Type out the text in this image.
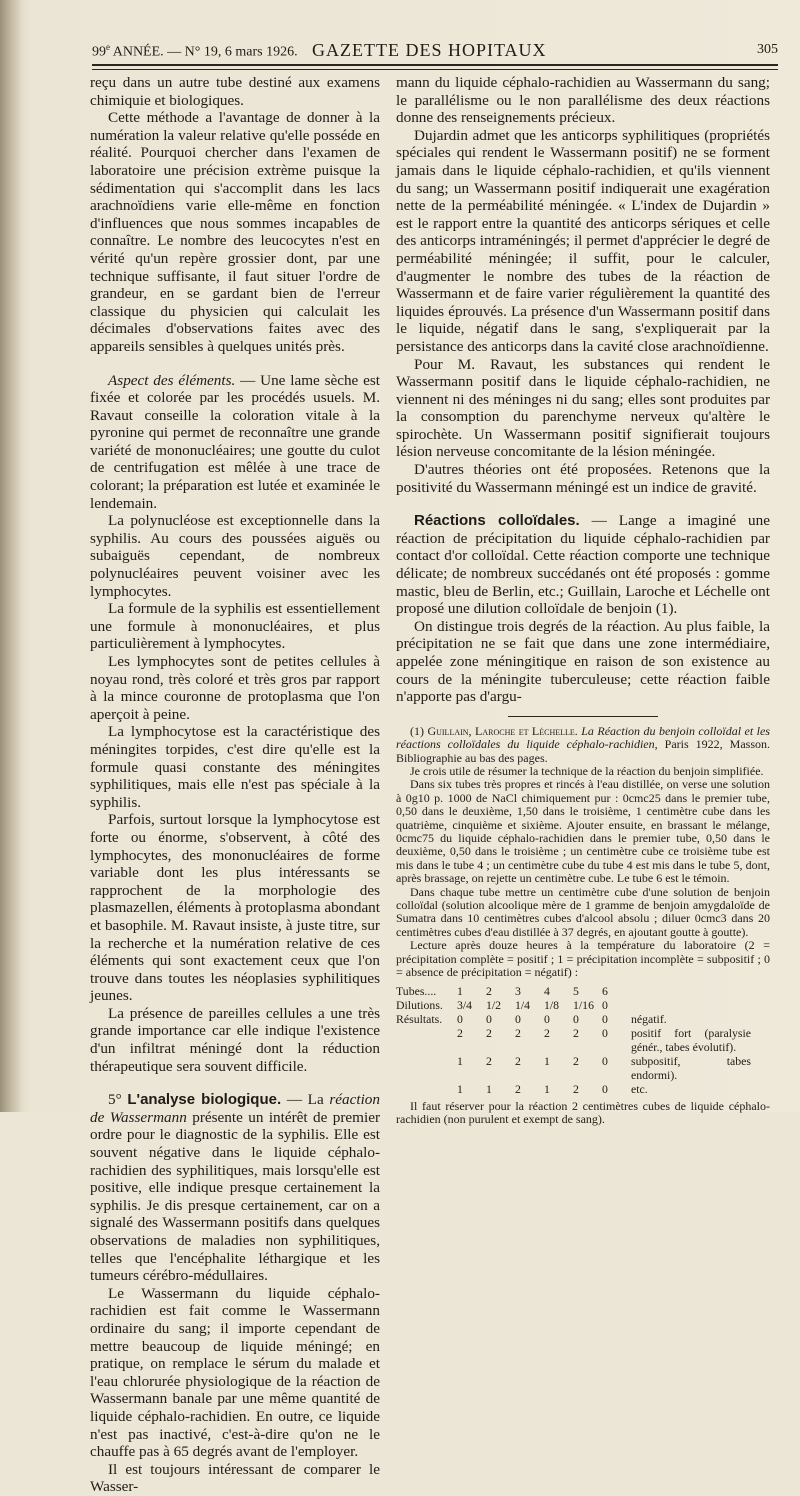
99e ANNÉE. — N° 19, 6 mars 1926. GAZETTE DES HOPITAUX	305

reçu dans un autre tube destiné aux examens chimiquie et biologiques.

Cette méthode a l'avantage de donner à la numération la valeur relative qu'elle posséde en réalité. Pourquoi chercher dans l'examen de laboratoire une précision extrème puisque la sédimentation qui s'accomplit dans les lacs arachnoïdiens varie elle-même en fonction d'influences que nous sommes incapables de connaître. Le nombre des leucocytes n'est en vérité qu'un repère grossier dont, par une technique suffisante, il faut situer l'ordre de grandeur, en se gardant bien de l'erreur classique du physicien qui calculait les décimales d'observations faites avec des appareils sensibles à quelques unités près.

Aspect des éléments. — Une lame sèche est fixée et colorée par les procédés usuels. M. Ravaut conseille la coloration vitale à la pyronine qui permet de reconnaître une grande variété de mononucléaires; une goutte du culot de centrifugation est mêlée à une trace de colorant; la préparation est lutée et examinée le lendemain.

La polynucléose est exceptionnelle dans la syphilis. Au cours des poussées aiguës ou subaiguës cependant, de nombreux polynucléaires peuvent voisiner avec les lymphocytes.

La formule de la syphilis est essentiellement une formule à mononucléaires, et plus particulièrement à lymphocytes.

Les lymphocytes sont de petites cellules à noyau rond, très coloré et très gros par rapport à la mince couronne de protoplasma que l'on aperçoit à peine.

La lymphocytose est la caractéristique des méningites torpides, c'est dire qu'elle est la formule quasi constante des méningites syphilitiques, mais elle n'est pas spéciale à la syphilis.

Parfois, surtout lorsque la lymphocytose est forte ou énorme, s'observent, à côté des lymphocytes, des mononucléaires de forme variable dont les plus intéressants se rapprochent de la morphologie des plasmazellen, éléments à protoplasma abondant et basophile. M. Ravaut insiste, à juste titre, sur la recherche et la numération relative de ces éléments qui sont exactement ceux que l'on trouve dans toutes les néoplasies syphilitiques jeunes.

La présence de pareilles cellules a une très grande importance car elle indique l'existence d'un infiltrat méningé dont la réduction thérapeutique sera souvent difficile.

5° L'analyse biologique. — La réaction de Wassermann présente un intérêt de premier ordre pour le diagnostic de la syphilis. Elle est souvent négative dans le liquide céphalo-rachidien des syphilitiques, mais lorsqu'elle est positive, elle indique presque certainement la syphilis. Je dis presque certainement, car on a signalé des Wassermann positifs dans quelques observations de maladies non syphilitiques, telles que l'encéphalite léthargique et les tumeurs cérébro-médullaires.

Le Wassermann du liquide céphalo-rachidien est fait comme le Wassermann ordinaire du sang; il importe cependant de mettre beaucoup de liquide méningé; en pratique, on remplace le sérum du malade et l'eau chlorurée physiologique de la réaction de Wassermann banale par une même quantité de liquide céphalo-rachidien. En outre, ce liquide n'est pas inactivé, c'est-à-dire qu'on ne le chauffe pas à 65 degrés avant de l'employer.

Il est toujours intéressant de comparer le Wasser-

mann du liquide céphalo-rachidien au Wassermann du sang; le parallélisme ou le non parallélisme des deux réactions donne des renseignements précieux.

Dujardin admet que les anticorps syphilitiques (propriétés spéciales qui rendent le Wassermann positif) ne se forment jamais dans le liquide céphalo-rachidien, et qu'ils viennent du sang; un Wassermann positif indiquerait une exagération nette de la perméabilité méningée. « L'index de Dujardin » est le rapport entre la quantité des anticorps sériques et celle des anticorps intraméningés; il permet d'apprécier le degré de perméabilité méningée; il suffit, pour le calculer, d'augmenter le nombre des tubes de la réaction de Wassermann et de faire varier régulièrement la quantité des liquides éprouvés. La présence d'un Wassermann positif dans le liquide, négatif dans le sang, s'expliquerait par la persistance des anticorps dans la cavité close arachnoïdienne.

Pour M. Ravaut, les substances qui rendent le Wassermann positif dans le liquide céphalo-rachidien, ne viennent ni des méninges ni du sang; elles sont produites par la consomption du parenchyme nerveux qu'altère le spirochète. Un Wassermann positif signifierait toujours lésion nerveuse concomitante de la lésion méningée.

D'autres théories ont été proposées. Retenons que la positivité du Wassermann méningé est un indice de gravité.

Réactions colloïdales. — Lange a imaginé une réaction de précipitation du liquide céphalo-rachidien par contact d'or colloïdal. Cette réaction comporte une technique délicate; de nombreux succédanés ont été proposés : gomme mastic, bleu de Berlin, etc.; Guillain, Laroche et Léchelle ont proposé une dilution colloïdale de benjoin (1).

On distingue trois degrés de la réaction. Au plus faible, la précipitation ne se fait que dans une zone intermédiaire, appelée zone méningitique en raison de son existence au cours de la méningite tuberculeuse; cette réaction faible n'apporte pas d'argu-

(1) Guillain, Laroche et Léchelle. La Réaction du benjoin colloïdal et les réactions colloïdales du liquide céphalo-rachidien, Paris 1922, Masson. Bibliographie au bas des pages.

Je crois utile de résumer la technique de la réaction du benjoin simplifiée.

Dans six tubes très propres et rincés à l'eau distillée, on verse une solution à 0g10 p. 1000 de NaCl chimiquement pur : 0cmc25 dans le premier tube, 0,50 dans le deuxième, 1,50 dans le troisième, 1 centimètre cube dans les quatrième, cinquième et sixième. Ajouter ensuite, en brassant le mélange, 0cmc75 du liquide céphalo-rachidien dans le premier tube, 0,50 dans le deuxième, 0,50 dans le troisième ; un centimètre cube ce troisième tube est mis dans le tube 4 ; un centimètre cube du tube 4 est mis dans le tube 5, dont, après brassage, on rejette un centimètre cube. Le tube 6 est le témoin.

Dans chaque tube mettre un centimètre cube d'une solution de benjoin colloïdal (solution alcoolique mère de 1 gramme de benjoin amygdaloïde de Sumatra dans 10 centimètres cubes d'alcool absolu ; diluer 0cmc3 dans 20 centimètres cubes d'eau distillée à 37 degrés, en ajoutant goutte à goutte).

Lecture après douze heures à la température du laboratoire (2 = précipitation complète = positif ; 1 = précipitation incomplète = subpositif ; 0 = absence de précipitation = négatif) :

Tubes....	1	2	3	4	5	6	
Dilutions.	3/4	1/2	1/4	1/8	1/16	0	
Résultats.	0	0	0	0	0	0	négatif.
	2	2	2	2	2	0	positif fort (paralysie génér., tabes évolutif).
	1	2	2	1	2	0	subpositif, tabes endormi).
	1	1	2	1	2	0	etc.

Il faut réserver pour la réaction 2 centimètres cubes de liquide céphalo-rachidien (non purulent et exempt de sang).
